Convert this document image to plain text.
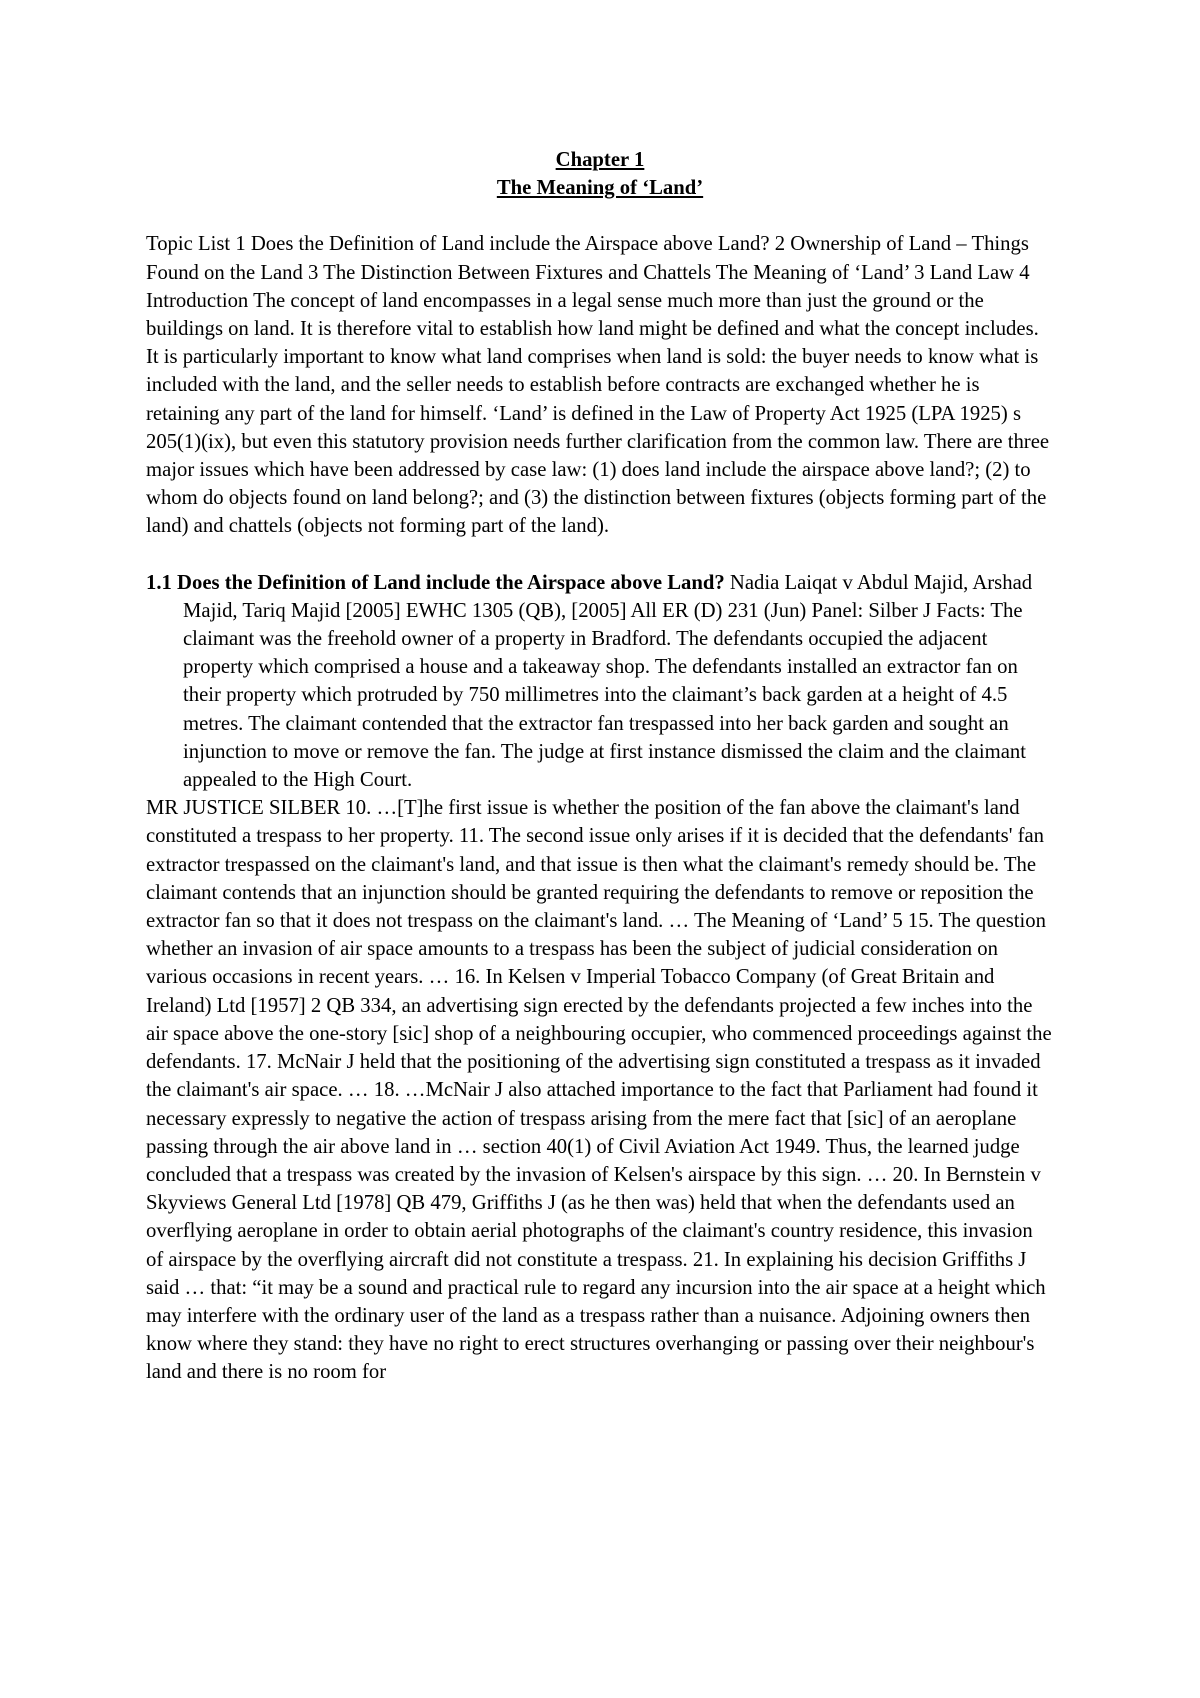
Chapter 1

The Meaning of ‘Land’

Topic List 1 Does the Definition of Land include the Airspace above Land? 2 Ownership of Land – Things Found on the Land 3 The Distinction Between Fixtures and Chattels The Meaning of ‘Land’ 3 Land Law 4 Introduction The concept of land encompasses in a legal sense much more than just the ground or the buildings on land. It is therefore vital to establish how land might be defined and what the concept includes. It is particularly important to know what land comprises when land is sold: the buyer needs to know what is included with the land, and the seller needs to establish before contracts are exchanged whether he is retaining any part of the land for himself. ‘Land’ is defined in the Law of Property Act 1925 (LPA 1925) s 205(1)(ix), but even this statutory provision needs further clarification from the common law. There are three major issues which have been addressed by case law: (1) does land include the airspace above land?; (2) to whom do objects found on land belong?; and (3) the distinction between fixtures (objects forming part of the land) and chattels (objects not forming part of the land).

1.1 Does the Definition of Land include the Airspace above Land? Nadia Laiqat v Abdul Majid, Arshad Majid, Tariq Majid [2005] EWHC 1305 (QB), [2005] All ER (D) 231 (Jun) Panel: Silber J Facts: The claimant was the freehold owner of a property in Bradford. The defendants occupied the adjacent property which comprised a house and a takeaway shop. The defendants installed an extractor fan on their property which protruded by 750 millimetres into the claimant’s back garden at a height of 4.5 metres. The claimant contended that the extractor fan trespassed into her back garden and sought an injunction to move or remove the fan. The judge at first instance dismissed the claim and the claimant appealed to the High Court.

MR JUSTICE SILBER 10. …[T]he first issue is whether the position of the fan above the claimant's land constituted a trespass to her property. 11. The second issue only arises if it is decided that the defendants' fan extractor trespassed on the claimant's land, and that issue is then what the claimant's remedy should be. The claimant contends that an injunction should be granted requiring the defendants to remove or reposition the extractor fan so that it does not trespass on the claimant's land. … The Meaning of ‘Land’ 5 15. The question whether an invasion of air space amounts to a trespass has been the subject of judicial consideration on various occasions in recent years. … 16. In Kelsen v Imperial Tobacco Company (of Great Britain and Ireland) Ltd [1957] 2 QB 334, an advertising sign erected by the defendants projected a few inches into the air space above the one-story [sic] shop of a neighbouring occupier, who commenced proceedings against the defendants. 17. McNair J held that the positioning of the advertising sign constituted a trespass as it invaded the claimant's air space. … 18. …McNair J also attached importance to the fact that Parliament had found it necessary expressly to negative the action of trespass arising from the mere fact that [sic] of an aeroplane passing through the air above land in … section 40(1) of Civil Aviation Act 1949. Thus, the learned judge concluded that a trespass was created by the invasion of Kelsen's airspace by this sign. … 20. In Bernstein v Skyviews General Ltd [1978] QB 479, Griffiths J (as he then was) held that when the defendants used an overflying aeroplane in order to obtain aerial photographs of the claimant's country residence, this invasion of airspace by the overflying aircraft did not constitute a trespass. 21. In explaining his decision Griffiths J said … that: “it may be a sound and practical rule to regard any incursion into the air space at a height which may interfere with the ordinary user of the land as a trespass rather than a nuisance. Adjoining owners then know where they stand: they have no right to erect structures overhanging or passing over their neighbour's land and there is no room for
